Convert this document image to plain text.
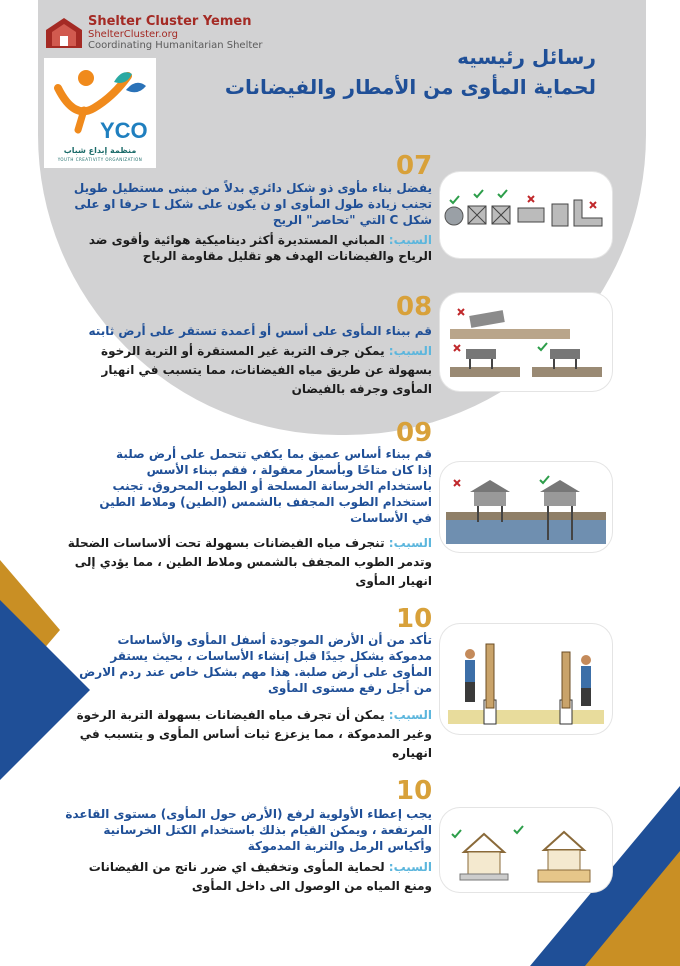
Shelter Cluster Yemen
ShelterCluster.org
Coordinating Humanitarian Shelter
YCO
منظمة إبداع شباب
YOUTH CREATIVITY ORGANIZATION
رسائل رئيسيه
لحماية المأوى من الأمطار والفيضانات
07
يفضل بناء مأوى ذو شكل دائري بدلاً من مبنى مستطيل طويل
تجنب زيادة طول المأوى او ن يكون على شكل L حرفا او على
شكل C التي "تحاصر" الريح
السبب: المباني المستديرة أكثر ديناميكية هوائية وأقوى ضد
الرياح والفيضانات الهدف هو تقليل مقاومة الرياح
08
قم ببناء المأوى على أسس أو أعمدة تستقر على أرض ثابته
السبب: يمكن جرف التربة غير المستقرة أو التربة الرخوة
بسهولة عن طريق مياه الفيضانات، مما يتسبب في انهيار
المأوى وجرفه بالفيضان
09
قم ببناء أساس عميق بما يكفي تتحمل على أرض صلبة
إذا كان متاحًا وبأسعار معقولة ، فقم ببناء الأسس
باستخدام الخرسانة المسلحة أو الطوب المحروق. تجنب
استخدام الطوب المجفف بالشمس (الطين) وملاط الطين
في الأساسات
السبب: تنجرف مياه الفيضانات بسهولة تحت ألاساسات الضحلة
وتدمر الطوب المجفف بالشمس وملاط الطين ، مما يؤدي إلى
انهيار المأوى
10
تأكد من أن الأرض الموجودة أسفل المأوى والأساسات
مدموكة بشكل جيدًا قبل إنشاء الأساسات ، بحيث يستقر
المأوى على أرض صلبة. هذا مهم بشكل خاص عند ردم الارض
من أجل رفع مستوى المأوى
السبب: يمكن أن تجرف مياه الفيضانات بسهولة التربة الرخوة
وغير المدموكة ، مما يزعزع ثبات أساس المأوى و يتسبب في
انهياره
10
يجب إعطاء الأولوية لرفع (الأرض حول المأوى) مستوى القاعدة
المرتفعة ، ويمكن القيام بذلك باستخدام الكتل الخرسانية
وأكياس الرمل والتربة المدموكة
السبب: لحماية المأوى وتخفيف اي ضرر ناتج من الفيضانات
ومنع المياه من الوصول الى داخل المأوى
